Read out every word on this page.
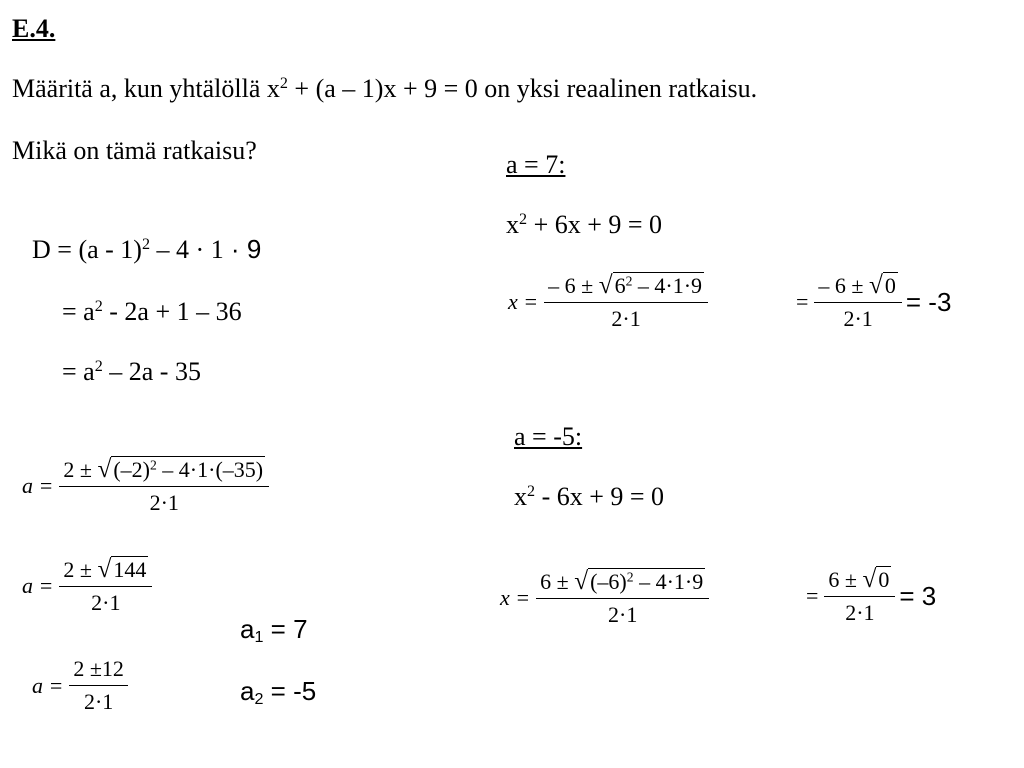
E.4.
Määritä a, kun yhtälöllä $x^2 + (a - 1)x + 9 = 0$ on yksi reaalinen ratkaisu.
Mikä on tämä ratkaisu?
D = (a - 1)$^2$ – 4 · 1 · 9
= $a^2 - 2a + 1 - 36$
= $a^2 - 2a - 35$
$a = \frac{2 \pm √ (-2)^2 - 4\cdot 1\cdot(-35)}{2\cdot 1}$
$a = \frac{2 \pm √ 144}{2\cdot 1}$
$a = \frac{2 \pm 12}{2\cdot 1}$
$a_1 = 7$
$a_2 = -5$
a = 7:
$x^2 + 6x + 9 = 0$
$x = \frac{- 6 \pm √ 6^2 - 4\cdot 1\cdot 9}{2\cdot 1}$	= $\frac{- 6 \pm √ 0}{2\cdot 1} = -3$
a = -5:
$x^2 - 6x + 9 = 0$
$x = \frac{6 \pm √ (-6)^2 - 4\cdot 1\cdot 9}{2\cdot 1}$	= $\frac{6 \pm √ 0}{2\cdot 1} = 3$
